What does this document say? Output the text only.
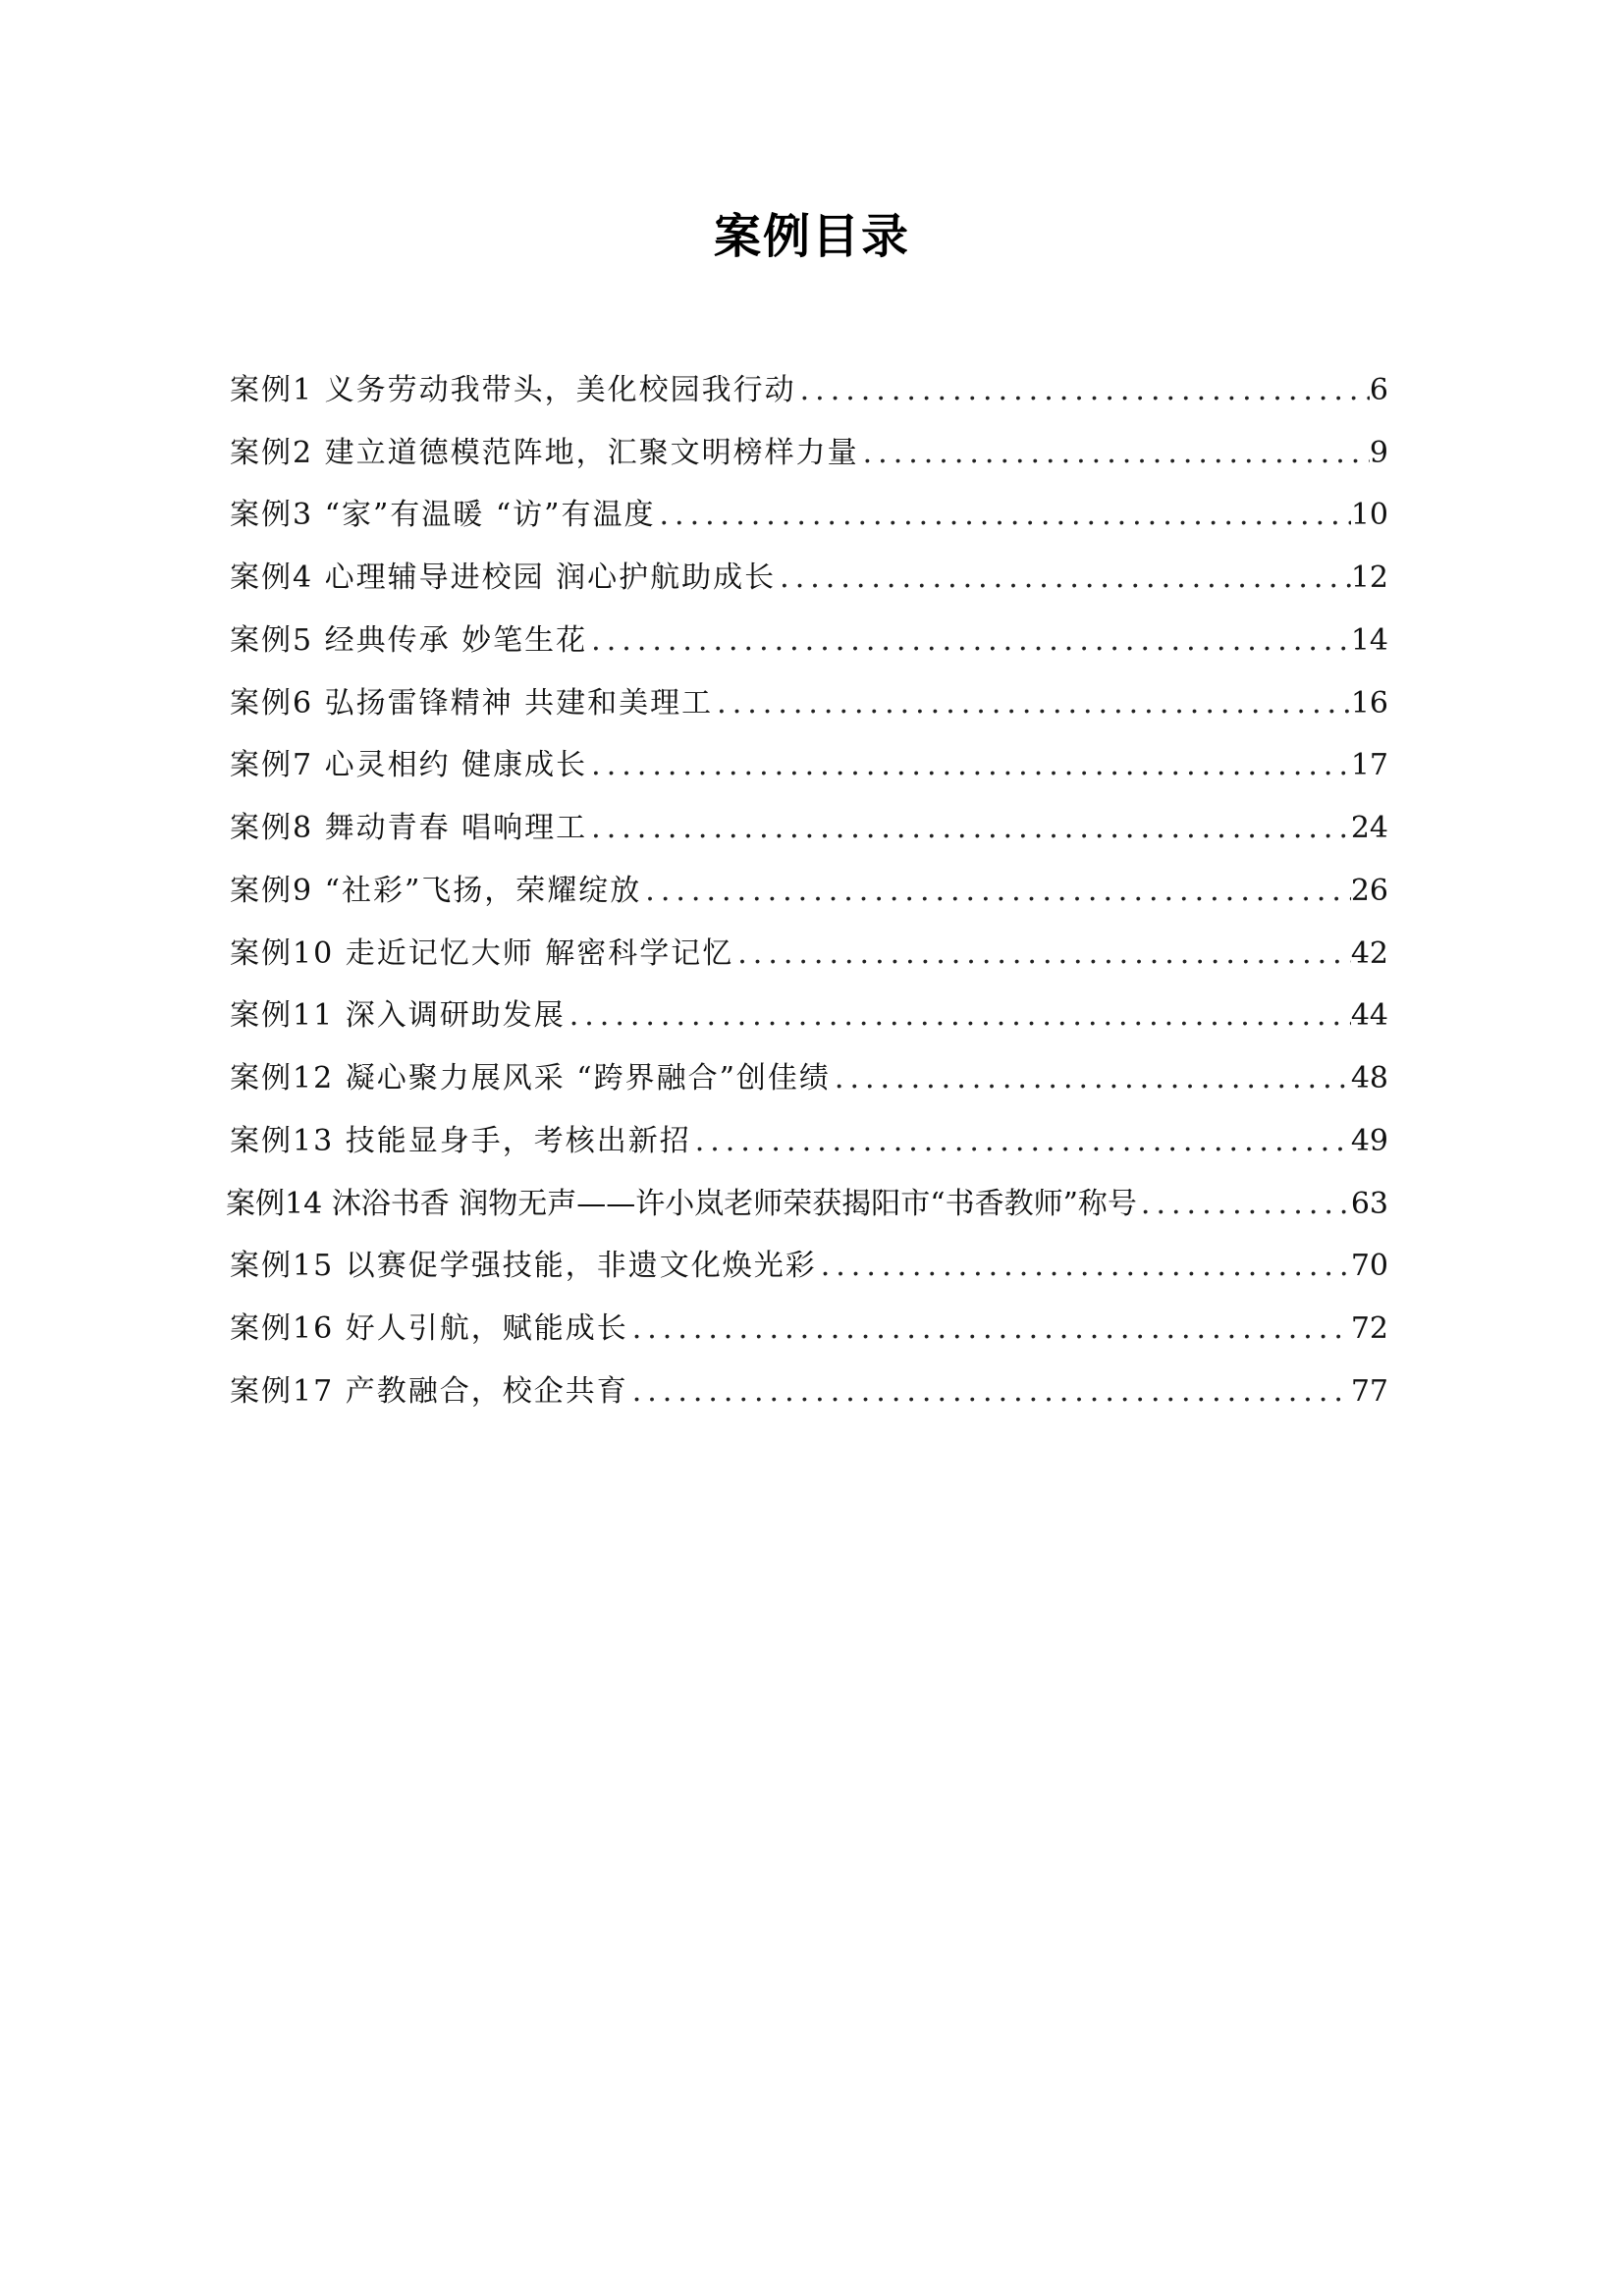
案例目录
案例1 义务劳动我带头，美化校园我行动 .....	6
案例2 建立道德模范阵地，汇聚文明榜样力量 .....	9
案例3 “家”有温暖 “访”有温度 .....	10
案例4 心理辅导进校园 润心护航助成长 .....	12
案例5 经典传承 妙笔生花 .....	14
案例6 弘扬雷锋精神 共建和美理工 .....	16
案例7 心灵相约 健康成长 .....	17
案例8 舞动青春 唱响理工 .....	24
案例9 “社彩”飞扬，荣耀绽放 .....	26
案例10 走近记忆大师 解密科学记忆 .....	42
案例11 深入调研助发展 .....	44
案例12 凝心聚力展风采 “跨界融合”创佳绩 .....	48
案例13 技能显身手，考核出新招 .....	49
案例14 沐浴书香 润物无声——许小岚老师荣获揭阳市“书香教师”称号 .....	63
案例15 以赛促学强技能，非遗文化焕光彩 .....	70
案例16 好人引航，赋能成长 .....	72
案例17 产教融合，校企共育 .....	77
